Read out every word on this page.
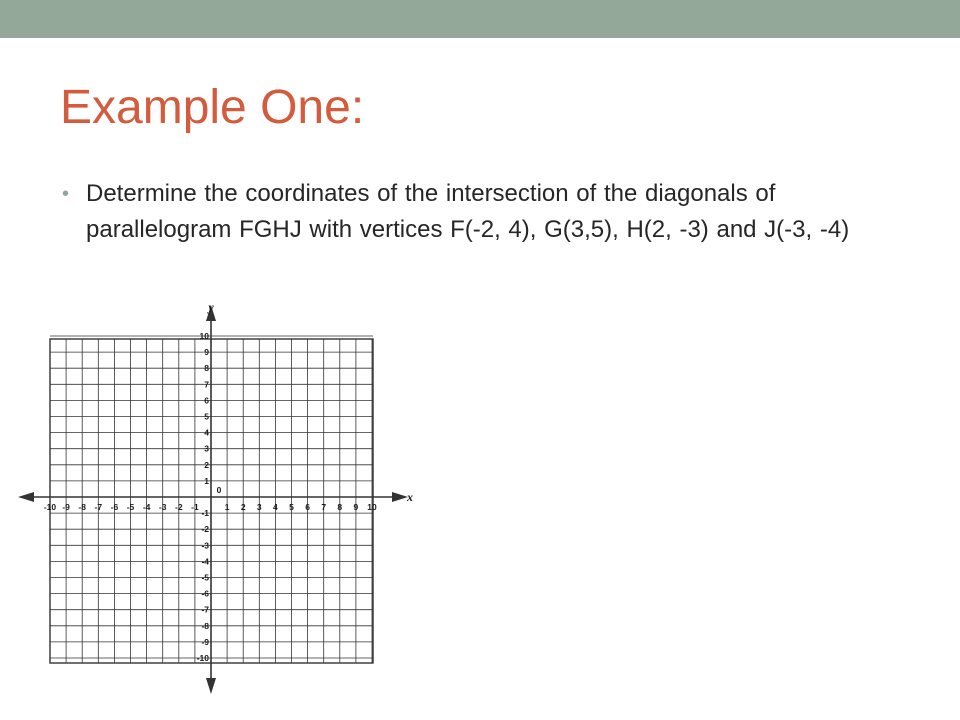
Example One:
• Determine the coordinates of the intersection of the diagonals of parallelogram FGHJ with vertices F(-2, 4), G(3,5), H(2, -3) and J(-3, -4)
-10 -9 -8 -7 -6 -5 -4 -3 -2 -1	1 2 3 4 5 6 7 8 9 10
10
9
8
7
6
5
4
3
2
1
-1
-2
-3
-4
-5
-6
-7
-8
-9
-10
0	x
y
